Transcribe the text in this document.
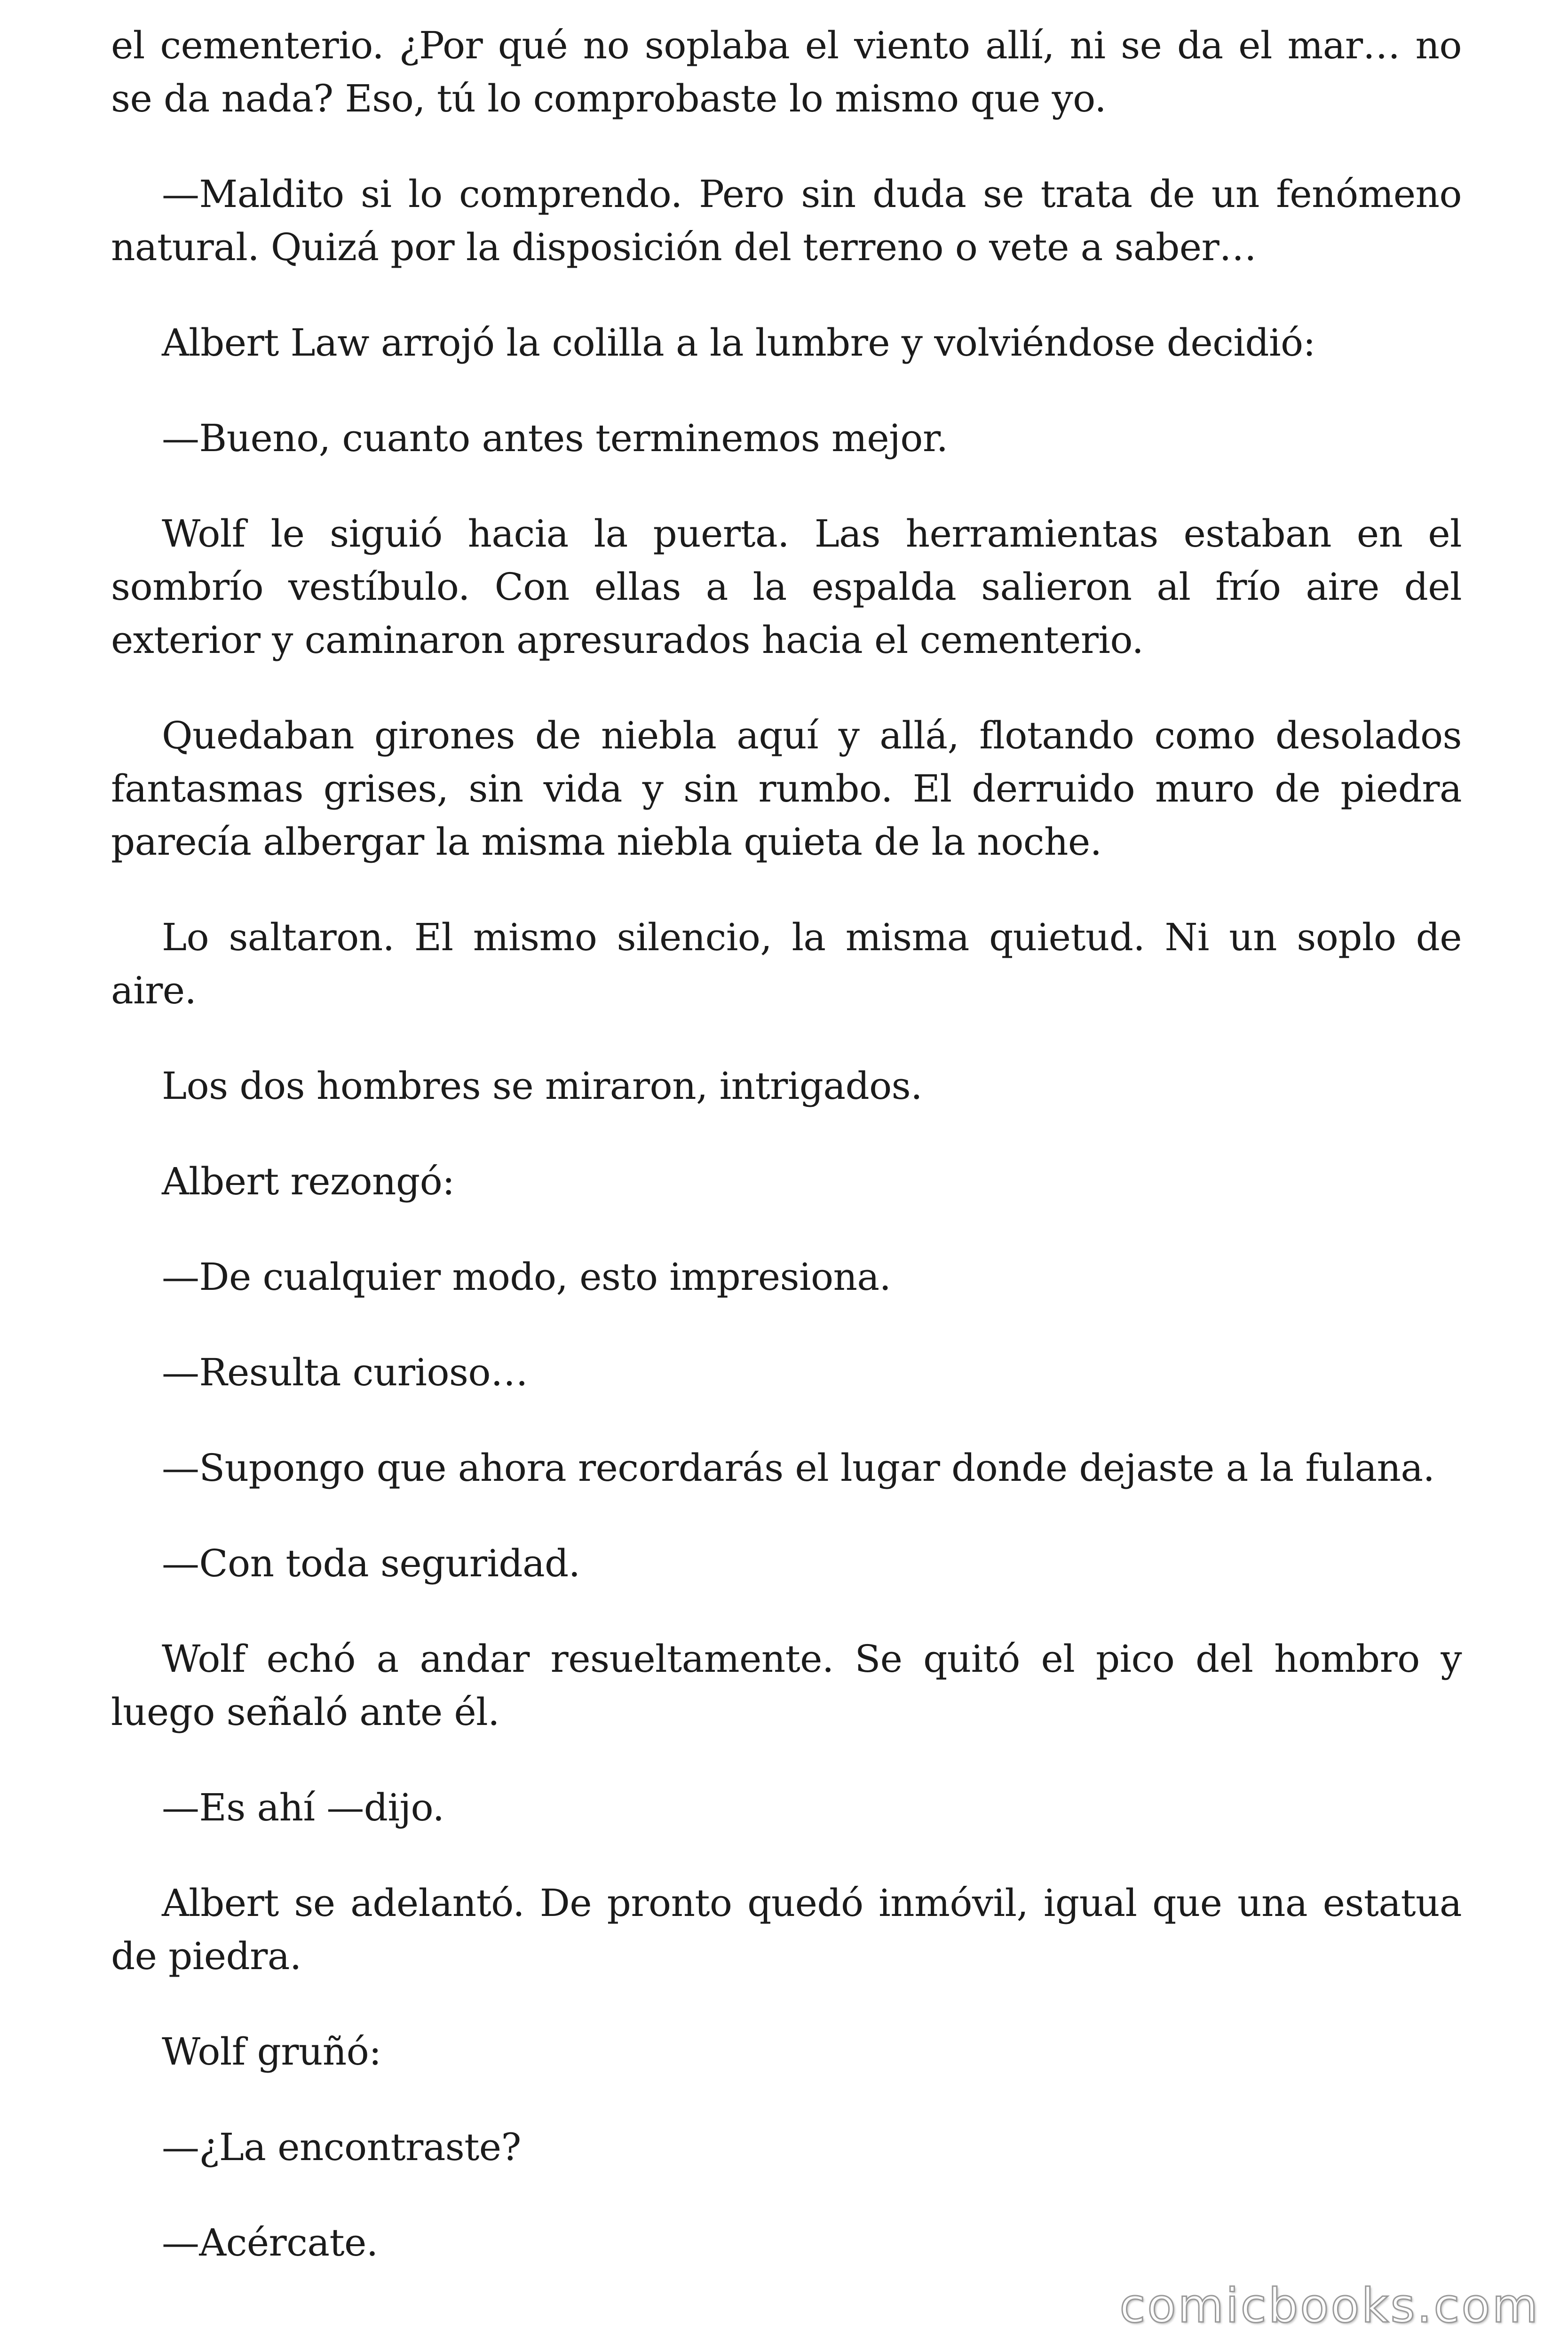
el cementerio. ¿Por qué no soplaba el viento allí, ni se da el mar… no se da nada? Eso, tú lo comprobaste lo mismo que yo.

—Maldito si lo comprendo. Pero sin duda se trata de un fenómeno natural. Quizá por la disposición del terreno o vete a saber…

Albert Law arrojó la colilla a la lumbre y volviéndose decidió:

—Bueno, cuanto antes terminemos mejor.

Wolf le siguió hacia la puerta. Las herramientas estaban en el sombrío vestíbulo. Con ellas a la espalda salieron al frío aire del exterior y caminaron apresurados hacia el cementerio.

Quedaban girones de niebla aquí y allá, flotando como desolados fantasmas grises, sin vida y sin rumbo. El derruido muro de piedra parecía albergar la misma niebla quieta de la noche.

Lo saltaron. El mismo silencio, la misma quietud. Ni un soplo de aire.

Los dos hombres se miraron, intrigados.

Albert rezongó:

—De cualquier modo, esto impresiona.

—Resulta curioso…

—Supongo que ahora recordarás el lugar donde dejaste a la fulana.

—Con toda seguridad.

Wolf echó a andar resueltamente. Se quitó el pico del hombro y luego señaló ante él.

—Es ahí —dijo.

Albert se adelantó. De pronto quedó inmóvil, igual que una estatua de piedra.

Wolf gruñó:

—¿La encontraste?

—Acércate.

comicbooks.com
